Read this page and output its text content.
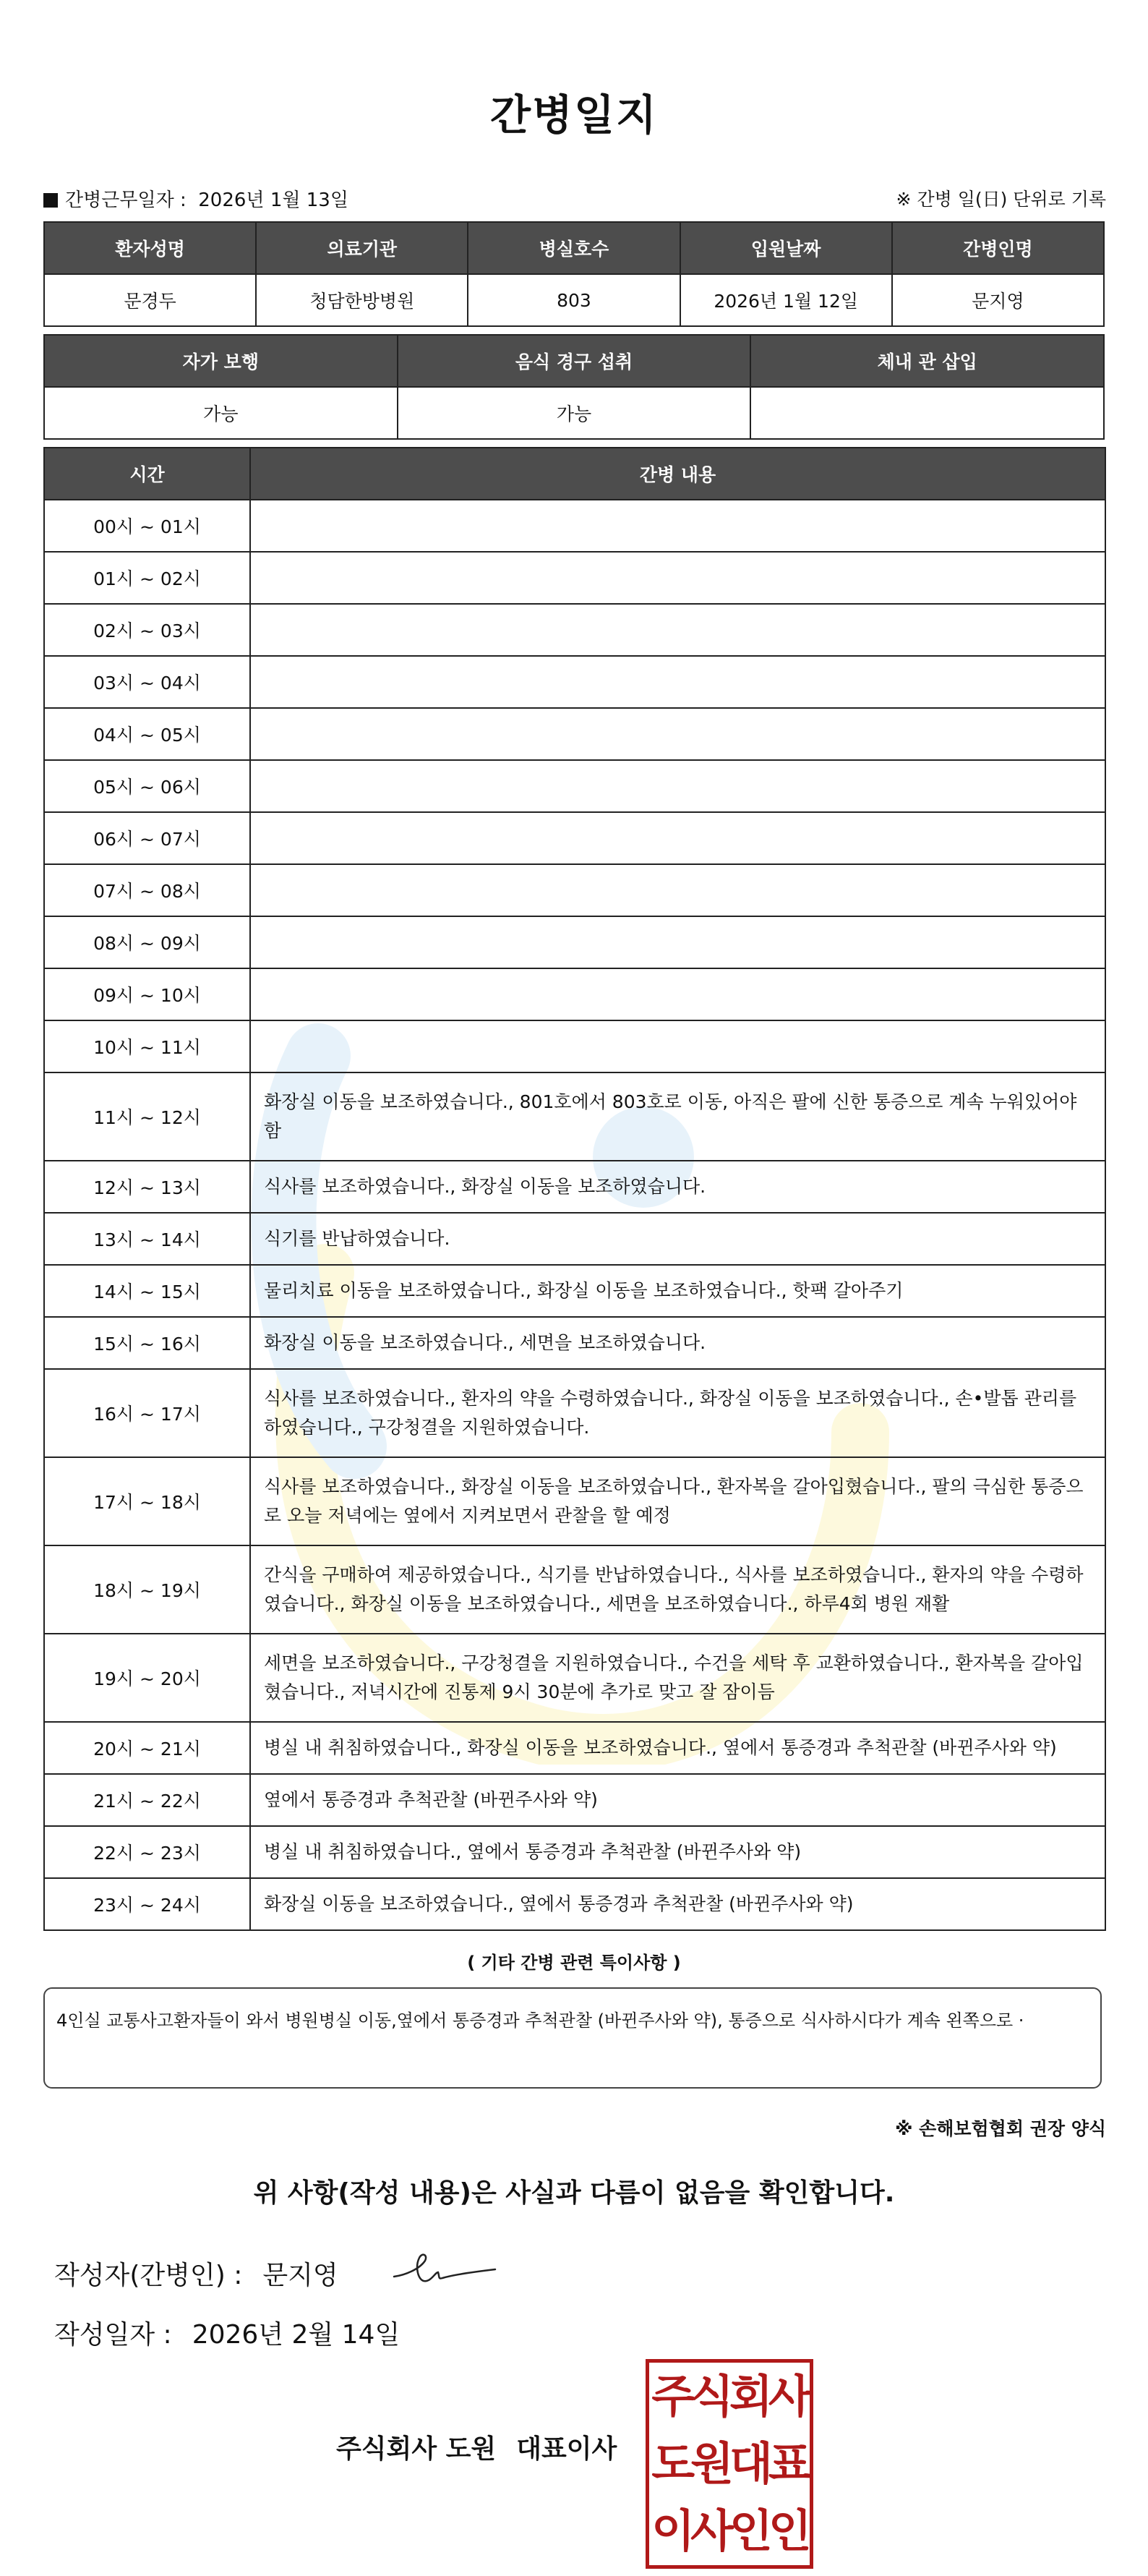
간병일지
간병근무일자 : 2026년 1월 13일	※ 간병 일(日) 단위로 기록
환자성명	의료기관	병실호수	입원날짜	간병인명
문경두	청담한방병원	803	2026년 1월 12일	문지영
자가 보행	음식 경구 섭취	체내 관 삽입
가능	가능	
시간	간병 내용
00시 ~ 01시	
01시 ~ 02시	
02시 ~ 03시	
03시 ~ 04시	
04시 ~ 05시	
05시 ~ 06시	
06시 ~ 07시	
07시 ~ 08시	
08시 ~ 09시	
09시 ~ 10시	
10시 ~ 11시	
11시 ~ 12시	화장실 이동을 보조하였습니다., 801호에서 803호로 이동, 아직은 팔에 신한 통증으로 계속 누워있어야함
12시 ~ 13시	식사를 보조하였습니다., 화장실 이동을 보조하였습니다.
13시 ~ 14시	식기를 반납하였습니다.
14시 ~ 15시	물리치료 이동을 보조하였습니다., 화장실 이동을 보조하였습니다., 핫팩 갈아주기
15시 ~ 16시	화장실 이동을 보조하였습니다., 세면을 보조하였습니다.
16시 ~ 17시	식사를 보조하였습니다., 환자의 약을 수령하였습니다., 화장실 이동을 보조하였습니다., 손•발톱 관리를 하였습니다., 구강청결을 지원하였습니다.
17시 ~ 18시	식사를 보조하였습니다., 화장실 이동을 보조하였습니다., 환자복을 갈아입혔습니다., 팔의 극심한 통증으로 오늘 저녁에는 옆에서 지켜보면서 관찰을 할 예정
18시 ~ 19시	간식을 구매하여 제공하였습니다., 식기를 반납하였습니다., 식사를 보조하였습니다., 환자의 약을 수령하였습니다., 화장실 이동을 보조하였습니다., 세면을 보조하였습니다., 하루4회 병원 재활
19시 ~ 20시	세면을 보조하였습니다., 구강청결을 지원하였습니다., 수건을 세탁 후 교환하였습니다., 환자복을 갈아입혔습니다., 저녁시간에 진통제 9시 30분에 추가로 맞고 잘 잠이듬
20시 ~ 21시	병실 내 취침하였습니다., 화장실 이동을 보조하였습니다., 옆에서 통증경과 추척관찰 (바뀐주사와 약)
21시 ~ 22시	옆에서 통증경과 추척관찰 (바뀐주사와 약)
22시 ~ 23시	병실 내 취침하였습니다., 옆에서 통증경과 추척관찰 (바뀐주사와 약)
23시 ~ 24시	화장실 이동을 보조하였습니다., 옆에서 통증경과 추척관찰 (바뀐주사와 약)
( 기타 간병 관련 특이사항 )
4인실 교통사고환자들이 와서 병원병실 이동,옆에서 통증경과 추척관찰 (바뀐주사와 약), 통증으로 식사하시다가 계속 왼쪽으로 ·
※ 손해보험협회 권장 양식
위 사항(작성 내용)은 사실과 다름이 없음을 확인합니다.
작성자(간병인) : 문지영
작성일자 : 2026년 2월 14일
주식회사 도원 대표이사
주식회사
도원대표
이사인인
